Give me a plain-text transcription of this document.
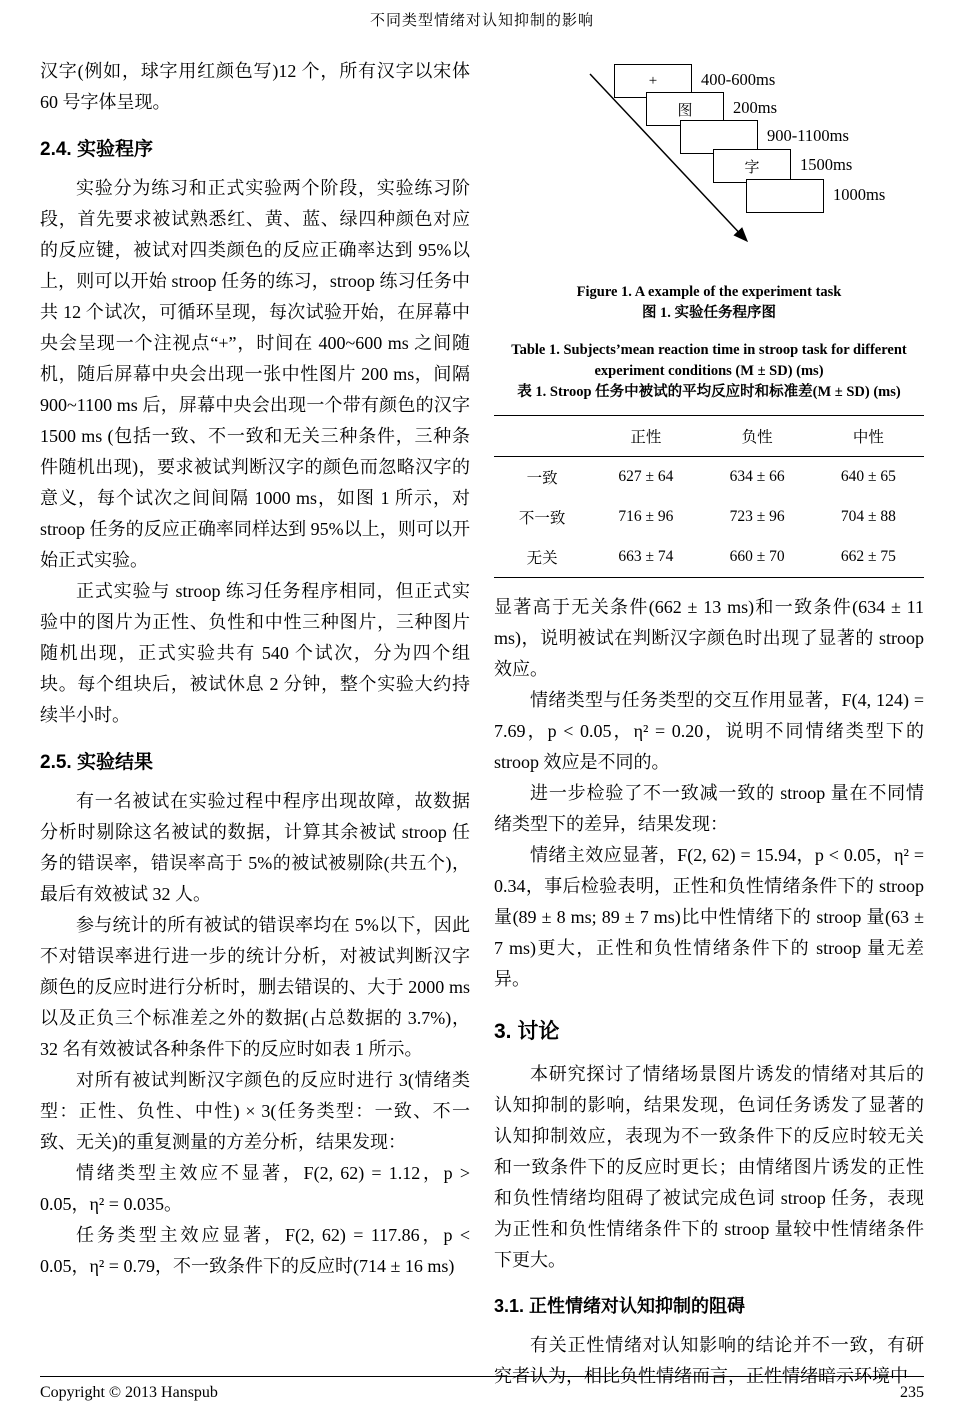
不同类型情绪对认知抑制的影响

汉字(例如，球字用红颜色写)12 个，所有汉字以宋体 60 号字体呈现。

2.4. 实验程序

实验分为练习和正式实验两个阶段，实验练习阶段，首先要求被试熟悉红、黄、蓝、绿四种颜色对应的反应键，被试对四类颜色的反应正确率达到 95%以上，则可以开始 stroop 任务的练习，stroop 练习任务中共 12 个试次，可循环呈现，每次试验开始，在屏幕中央会呈现一个注视点“+”，时间在 400~600 ms 之间随机，随后屏幕中央会出现一张中性图片 200 ms，间隔 900~1100 ms 后，屏幕中央会出现一个带有颜色的汉字 1500 ms (包括一致、不一致和无关三种条件，三种条件随机出现)，要求被试判断汉字的颜色而忽略汉字的意义，每个试次之间间隔 1000 ms，如图 1 所示，对 stroop 任务的反应正确率同样达到 95%以上，则可以开始正式实验。

正式实验与 stroop 练习任务程序相同，但正式实验中的图片为正性、负性和中性三种图片，三种图片随机出现，正式实验共有 540 个试次，分为四个组块。每个组块后，被试休息 2 分钟，整个实验大约持续半小时。

2.5. 实验结果

有一名被试在实验过程中程序出现故障，故数据分析时剔除这名被试的数据，计算其余被试 stroop 任务的错误率，错误率高于 5%的被试被剔除(共五个)，最后有效被试 32 人。

参与统计的所有被试的错误率均在 5%以下，因此不对错误率进行进一步的统计分析，对被试判断汉字颜色的反应时进行分析时，删去错误的、大于 2000 ms 以及正负三个标准差之外的数据(占总数据的 3.7%)，32 名有效被试各种条件下的反应时如表 1 所示。

对所有被试判断汉字颜色的反应时进行 3(情绪类型：正性、负性、中性) × 3(任务类型：一致、不一致、无关)的重复测量的方差分析，结果发现：

情绪类型主效应不显著，F(2, 62) = 1.12，p > 0.05，η² = 0.035。

任务类型主效应显著，F(2, 62) = 117.86，p < 0.05，η² = 0.79，不一致条件下的反应时(714 ± 16 ms)

+
图
字
400-600ms
200ms
900-1100ms
1500ms
1000ms
Figure 1. A example of the experiment task
图 1. 实验任务程序图
Table 1. Subjects’mean reaction time in stroop task for different experiment conditions (M ± SD) (ms)
表 1. Stroop 任务中被试的平均反应时和标准差(M ± SD) (ms)
	正性	负性	中性
一致	627 ± 64	634 ± 66	640 ± 65
不一致	716 ± 96	723 ± 96	704 ± 88
无关	663 ± 74	660 ± 70	662 ± 75

显著高于无关条件(662 ± 13 ms)和一致条件(634 ± 11 ms)，说明被试在判断汉字颜色时出现了显著的 stroop 效应。

情绪类型与任务类型的交互作用显著，F(4, 124) = 7.69，p < 0.05，η² = 0.20，说明不同情绪类型下的 stroop 效应是不同的。

进一步检验了不一致减一致的 stroop 量在不同情绪类型下的差异，结果发现：

情绪主效应显著，F(2, 62) = 15.94，p < 0.05，η² = 0.34，事后检验表明，正性和负性情绪条件下的 stroop 量(89 ± 8 ms; 89 ± 7 ms)比中性情绪下的 stroop 量(63 ± 7 ms)更大，正性和负性情绪条件下的 stroop 量无差异。

3. 讨论

本研究探讨了情绪场景图片诱发的情绪对其后的认知抑制的影响，结果发现，色词任务诱发了显著的认知抑制效应，表现为不一致条件下的反应时较无关和一致条件下的反应时更长；由情绪图片诱发的正性和负性情绪均阻碍了被试完成色词 stroop 任务，表现为正性和负性情绪条件下的 stroop 量较中性情绪条件下更大。

3.1. 正性情绪对认知抑制的阻碍

有关正性情绪对认知影响的结论并不一致，有研究者认为，相比负性情绪而言，正性情绪暗示环境中

Copyright © 2013 Hanspub	235
